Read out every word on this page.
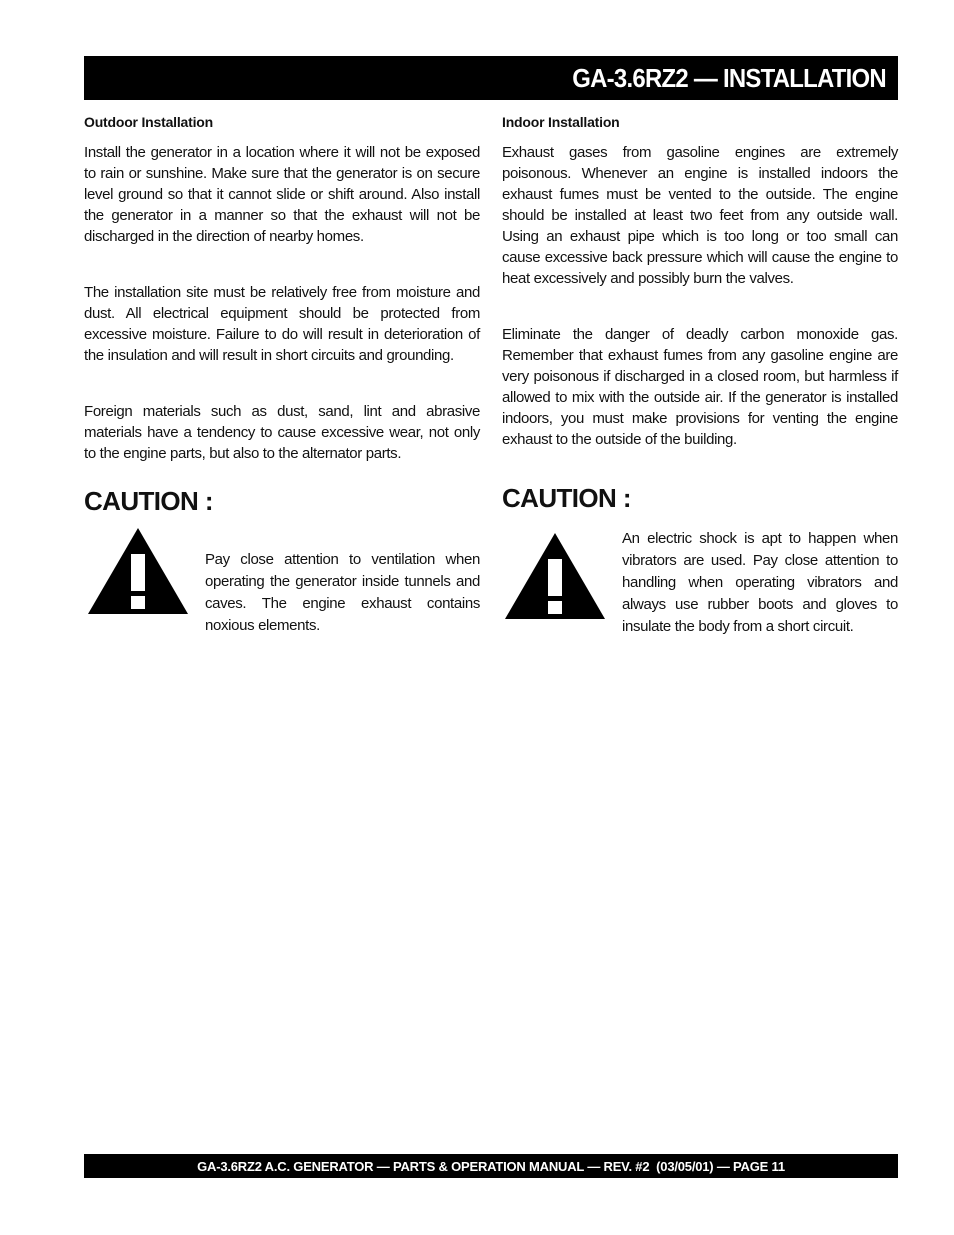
GA-3.6RZ2 — INSTALLATION
Outdoor Installation

Install the generator in a location where it will not be exposed to rain or sunshine. Make sure that the generator is on secure level ground so that it cannot slide or shift around. Also install the generator in a manner so that the exhaust will not be discharged in the direction of nearby homes.

The installation site must be relatively free from moisture and dust. All electrical equipment should be protected from excessive moisture. Failure to do will result in deterioration of the insulation and will result in short circuits and grounding.

Foreign materials such as dust, sand, lint and abrasive materials have a tendency to cause excessive wear, not only to the engine parts, but also to the alternator parts.

CAUTION :

Pay close attention to ventilation when operating the generator inside tunnels and caves. The engine exhaust contains noxious elements.

Indoor Installation

Exhaust gases from gasoline engines are extremely poisonous. Whenever an engine is installed indoors the exhaust fumes must be vented to the outside. The engine should be installed at least two feet from any outside wall. Using an exhaust pipe which is too long or too small can cause excessive back pressure which will cause the engine to heat excessively and possibly burn the valves.

Eliminate the danger of deadly carbon monoxide gas. Remember that exhaust fumes from any gasoline engine are very poisonous if discharged in a closed room, but harmless if allowed to mix with the outside air. If the generator is installed indoors, you must make provisions for venting the engine exhaust to the outside of the building.

CAUTION :

An electric shock is apt to happen when vibrators are used. Pay close attention to handling when operating vibrators and always use rubber boots and gloves to insulate the body from a short circuit.

GA-3.6RZ2 A.C. GENERATOR — PARTS & OPERATION MANUAL — REV. #2  (03/05/01) — PAGE 11
